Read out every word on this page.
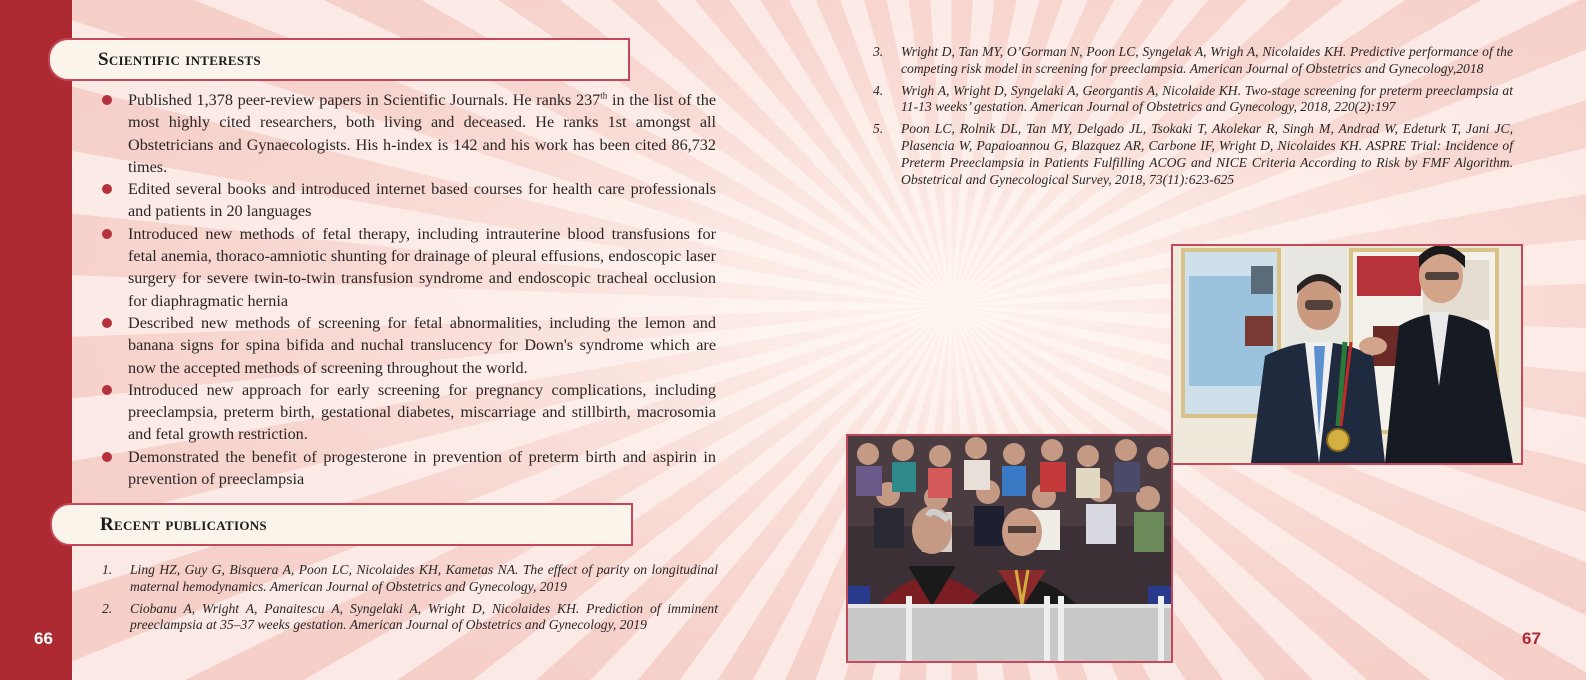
66	67
Scientific interests
Published 1,378 peer-review papers in Scientific Journals. He ranks 237th in the list of the most highly cited researchers, both living and deceased. He ranks 1st amongst all Obstetricians and Gynaecologists. His h-index is 142 and his work has been cited 86,732 times.
Edited several books and introduced internet based courses for health care professionals and patients in 20 languages
Introduced new methods of fetal therapy, including intrauterine blood transfusions for fetal anemia, thoraco-amniotic shunting for drainage of pleural effusions, endoscopic laser surgery for severe twin-to-twin transfusion syndrome and endoscopic tracheal occlusion for diaphragmatic hernia
Described new methods of screening for fetal abnormalities, including the lemon and banana signs for spina bifida and nuchal translucency for Down's syndrome which are now the accepted methods of screening throughout the world.
Introduced new approach for early screening for pregnancy complications, including preeclampsia, preterm birth, gestational diabetes, miscarriage and stillbirth, macrosomia and fetal growth restriction.
Demonstrated the benefit of progesterone in prevention of preterm birth and aspirin in prevention of preeclampsia
Recent publications
1. Ling HZ, Guy G, Bisquera A, Poon LC, Nicolaides KH, Kametas NA. The effect of parity on longitudinal maternal hemodynamics. American Journal of Obstetrics and Gynecology, 2019
2. Ciobanu A, Wright A, Panaitescu A, Syngelaki A, Wright D, Nicolaides KH. Prediction of imminent preeclampsia at 35–37 weeks gestation. American Journal of Obstetrics and Gynecology, 2019
3. Wright D, Tan MY, O’Gorman N, Poon LC, Syngelak A, Wrigh A, Nicolaides KH. Predictive performance of the competing risk model in screening for preeclampsia. American Journal of Obstetrics and Gynecology,2018
4. Wrigh A, Wright D, Syngelaki A, Georgantis A, Nicolaide KH. Two-stage screening for preterm preeclampsia at 11-13 weeks’ gestation. American Journal of Obstetrics and Gynecology, 2018, 220(2):197
5. Poon LC, Rolnik DL, Tan MY, Delgado JL, Tsokaki T, Akolekar R, Singh M, Andrad W, Edeturk T, Jani JC, Plasencia W, Papaioannou G, Blazquez AR, Carbone IF, Wright D, Nicolaides KH. ASPRE Trial: Incidence of Preterm Preeclampsia in Patients Fulfilling ACOG and NICE Criteria According to Risk by FMF Algorithm. Obstetrical and Gynecological Survey, 2018, 73(11):623-625
